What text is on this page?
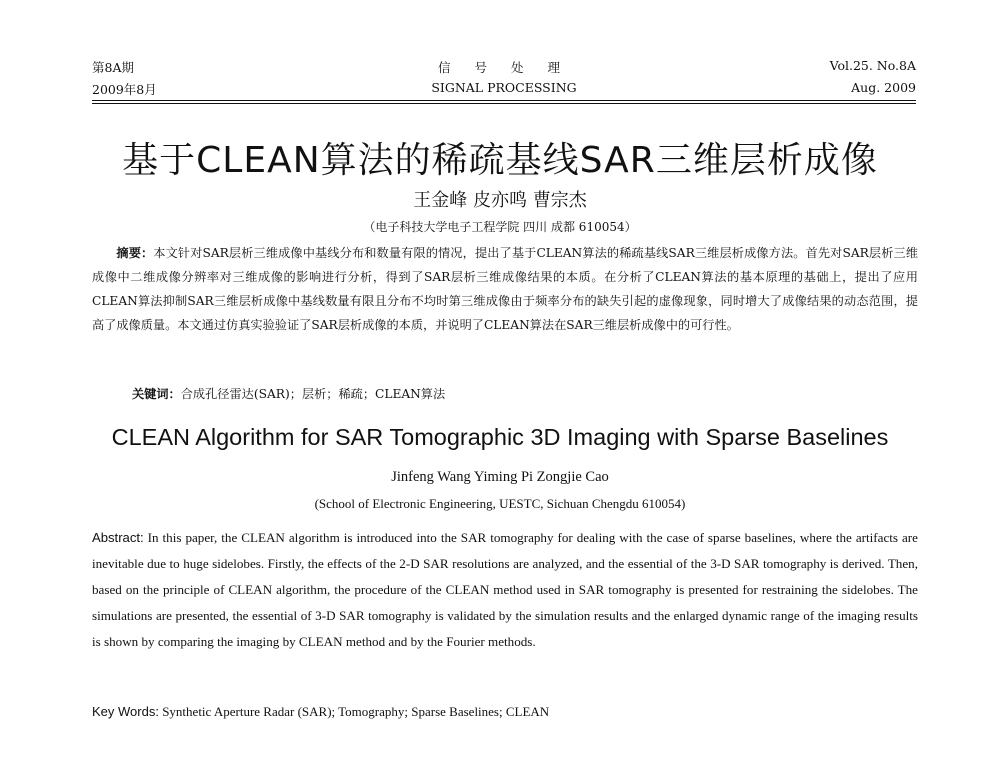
第8A期	信 号 处 理	Vol.25. No.8A
2009年8月	SIGNAL PROCESSING	Aug. 2009
基于CLEAN算法的稀疏基线SAR三维层析成像
王金峰 皮亦鸣 曹宗杰
（电子科技大学电子工程学院 四川 成都 610054）
摘要：本文针对SAR层析三维成像中基线分布和数量有限的情况，提出了基于CLEAN算法的稀疏基线SAR三维层析成像方法。首先对SAR层析三维成像中二维成像分辨率对三维成像的影响进行分析，得到了SAR层析三维成像结果的本质。在分析了CLEAN算法的基本原理的基础上，提出了应用CLEAN算法抑制SAR三维层析成像中基线数量有限且分布不均时第三维成像由于频率分布的缺失引起的虚像现象，同时增大了成像结果的动态范围，提高了成像质量。本文通过仿真实验验证了SAR层析成像的本质，并说明了CLEAN算法在SAR三维层析成像中的可行性。
关键词：合成孔径雷达(SAR)；层析；稀疏；CLEAN算法
CLEAN Algorithm for SAR Tomographic 3D Imaging with Sparse Baselines
Jinfeng Wang Yiming Pi Zongjie Cao
(School of Electronic Engineering, UESTC, Sichuan Chengdu 610054)
Abstract: In this paper, the CLEAN algorithm is introduced into the SAR tomography for dealing with the case of sparse baselines, where the artifacts are inevitable due to huge sidelobes. Firstly, the effects of the 2-D SAR resolutions are analyzed, and the essential of the 3-D SAR tomography is derived. Then, based on the principle of CLEAN algorithm, the procedure of the CLEAN method used in SAR tomography is presented for restraining the sidelobes. The simulations are presented, the essential of 3-D SAR tomography is validated by the simulation results and the enlarged dynamic range of the imaging results is shown by comparing the imaging by CLEAN method and by the Fourier methods.
Key Words: Synthetic Aperture Radar (SAR); Tomography; Sparse Baselines; CLEAN
